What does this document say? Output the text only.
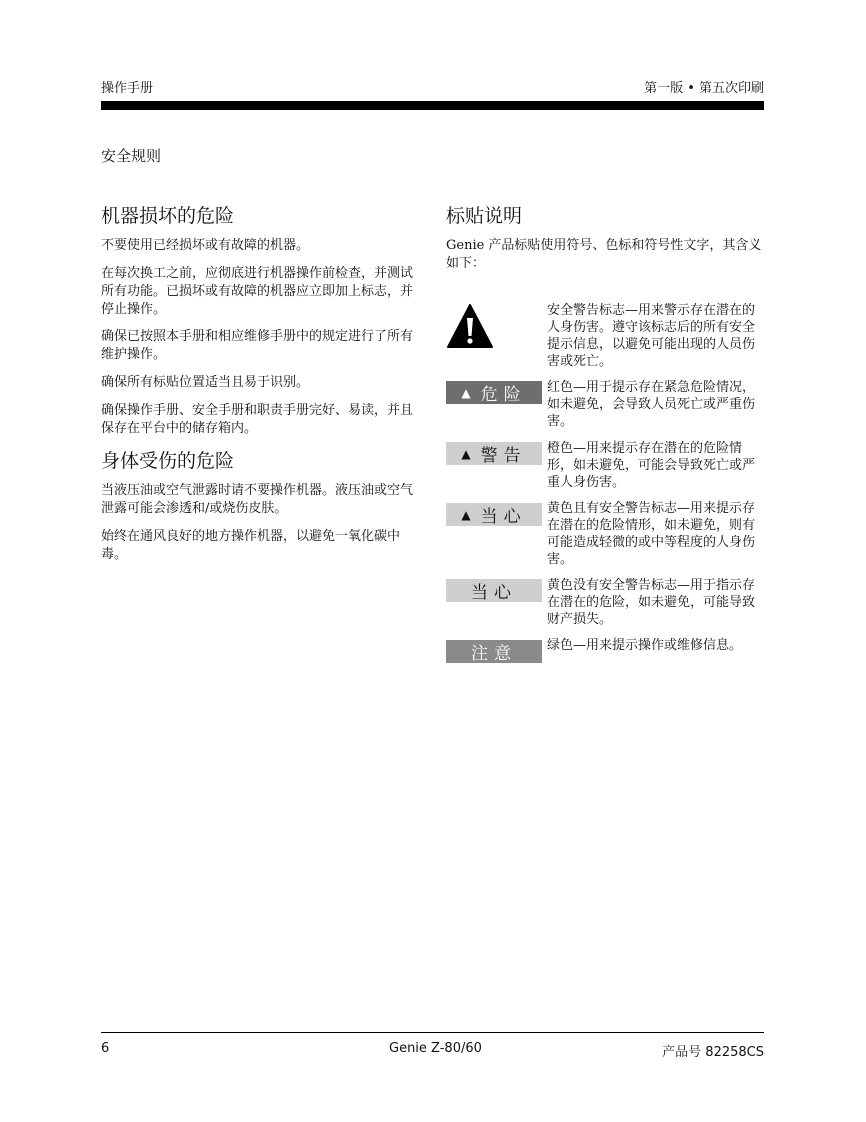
操作手册	第一版 • 第五次印刷
安全规则
机器损坏的危险
不要使用已经损坏或有故障的机器。
在每次换工之前，应彻底进行机器操作前检查，并测试所有功能。已损坏或有故障的机器应立即加上标志，并停止操作。
确保已按照本手册和相应维修手册中的规定进行了所有维护操作。
确保所有标贴位置适当且易于识别。
确保操作手册、安全手册和职责手册完好、易读，并且保存在平台中的储存箱内。
身体受伤的危险
当液压油或空气泄露时请不要操作机器。液压油或空气泄露可能会渗透和/或烧伤皮肤。
始终在通风良好的地方操作机器，以避免一氧化碳中毒。
标贴说明
Genie 产品标贴使用符号、色标和符号性文字，其含义如下：
安全警告标志—用来警示存在潜在的人身伤害。遵守该标志后的所有安全提示信息，以避免可能出现的人员伤害或死亡。
▲ 危险 红色—用于提示存在紧急危险情况，如未避免，会导致人员死亡或严重伤害。
▲ 警告 橙色—用来提示存在潜在的危险情形，如未避免，可能会导致死亡或严重人身伤害。
▲ 当心 黄色且有安全警告标志—用来提示存在潜在的危险情形，如未避免，则有可能造成轻微的或中等程度的人身伤害。
当心 黄色没有安全警告标志—用于指示存在潜在的危险，如未避免，可能导致财产损失。
注意 绿色—用来提示操作或维修信息。
6	Genie Z-80/60	产品号 82258CS
